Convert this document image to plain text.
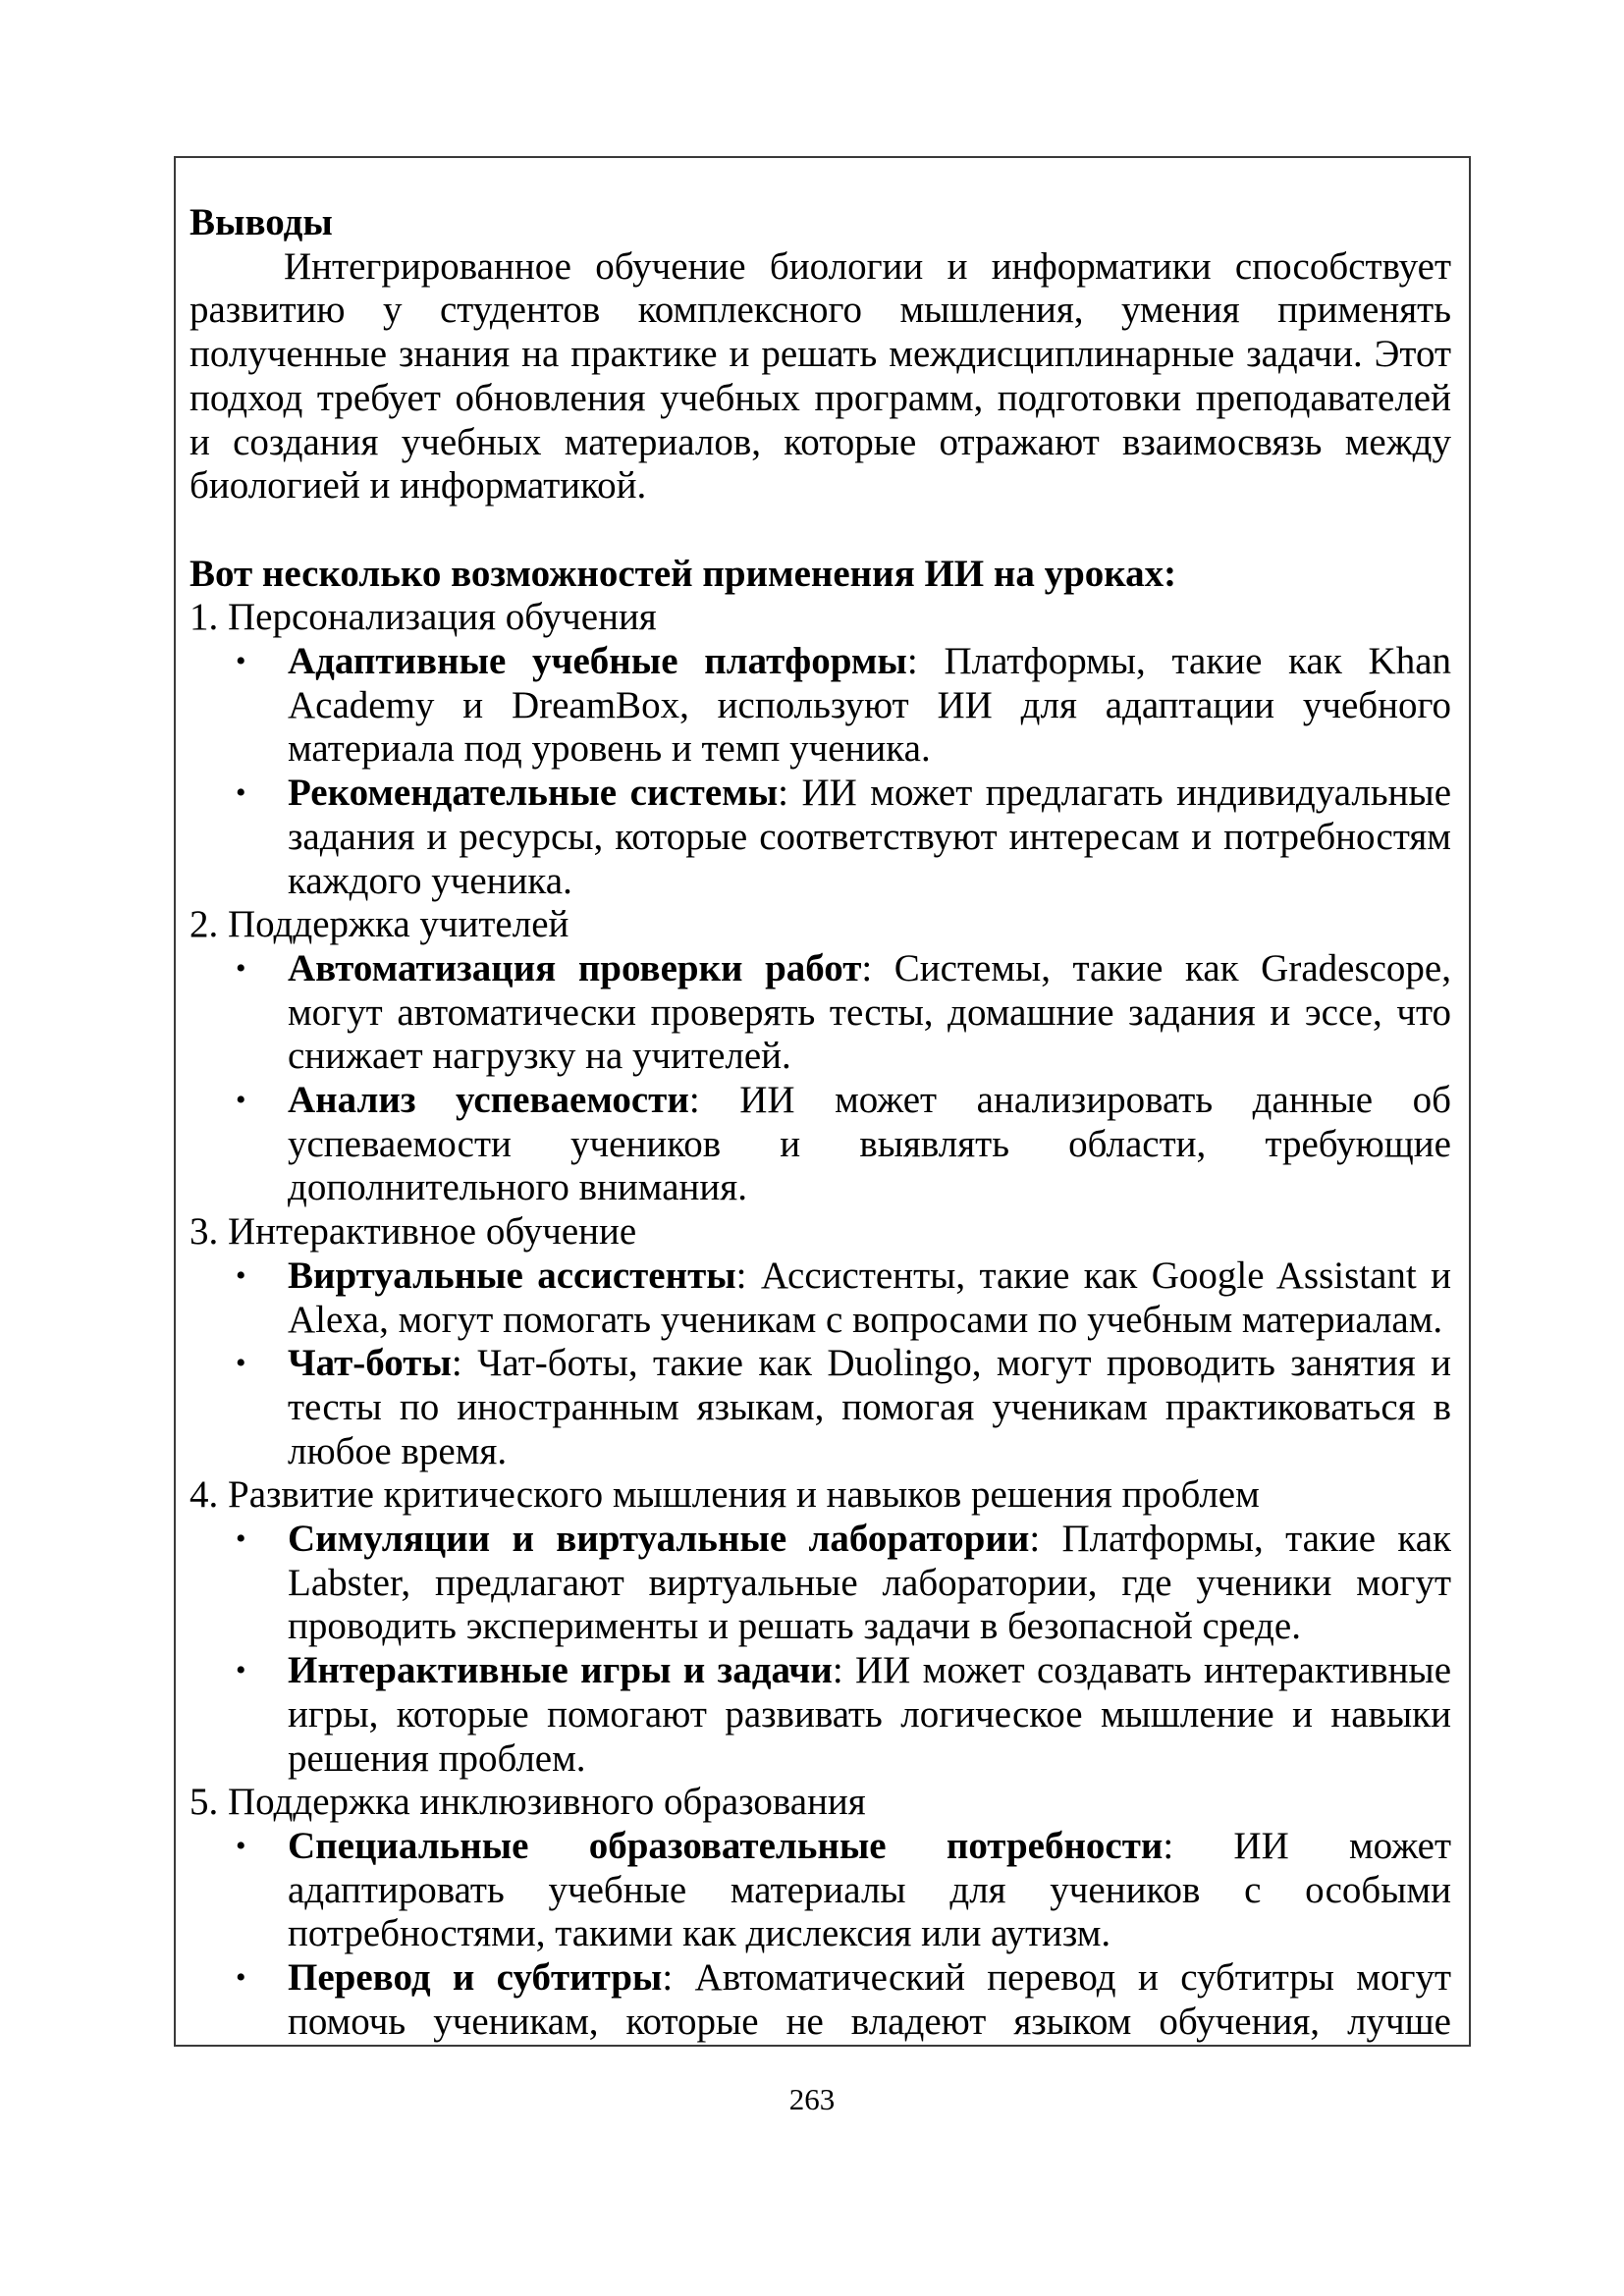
Выводы

Интегрированное обучение биологии и информатики способствует развитию у студентов комплексного мышления, умения применять полученные знания на практике и решать междисциплинарные задачи. Этот подход требует обновления учебных программ, подготовки преподавателей и создания учебных материалов, которые отражают взаимосвязь между биологией и информатикой.

Вот несколько возможностей применения ИИ на уроках:
1. Персонализация обучения
• Адаптивные учебные платформы: Платформы, такие как Khan Academy и DreamBox, используют ИИ для адаптации учебного материала под уровень и темп ученика.
• Рекомендательные системы: ИИ может предлагать индивидуальные задания и ресурсы, которые соответствуют интересам и потребностям каждого ученика.
2. Поддержка учителей
• Автоматизация проверки работ: Системы, такие как Gradescope, могут автоматически проверять тесты, домашние задания и эссе, что снижает нагрузку на учителей.
• Анализ успеваемости: ИИ может анализировать данные об успеваемости учеников и выявлять области, требующие дополнительного внимания.
3. Интерактивное обучение
• Виртуальные ассистенты: Ассистенты, такие как Google Assistant и Alexa, могут помогать ученикам с вопросами по учебным материалам.
• Чат-боты: Чат-боты, такие как Duolingo, могут проводить занятия и тесты по иностранным языкам, помогая ученикам практиковаться в любое время.
4. Развитие критического мышления и навыков решения проблем
• Симуляции и виртуальные лаборатории: Платформы, такие как Labster, предлагают виртуальные лаборатории, где ученики могут проводить эксперименты и решать задачи в безопасной среде.
• Интерактивные игры и задачи: ИИ может создавать интерактивные игры, которые помогают развивать логическое мышление и навыки решения проблем.
5. Поддержка инклюзивного образования
• Специальные образовательные потребности: ИИ может адаптировать учебные материалы для учеников с особыми потребностями, такими как дислексия или аутизм.
• Перевод и субтитры: Автоматический перевод и субтитры могут помочь ученикам, которые не владеют языком обучения, лучше
263
